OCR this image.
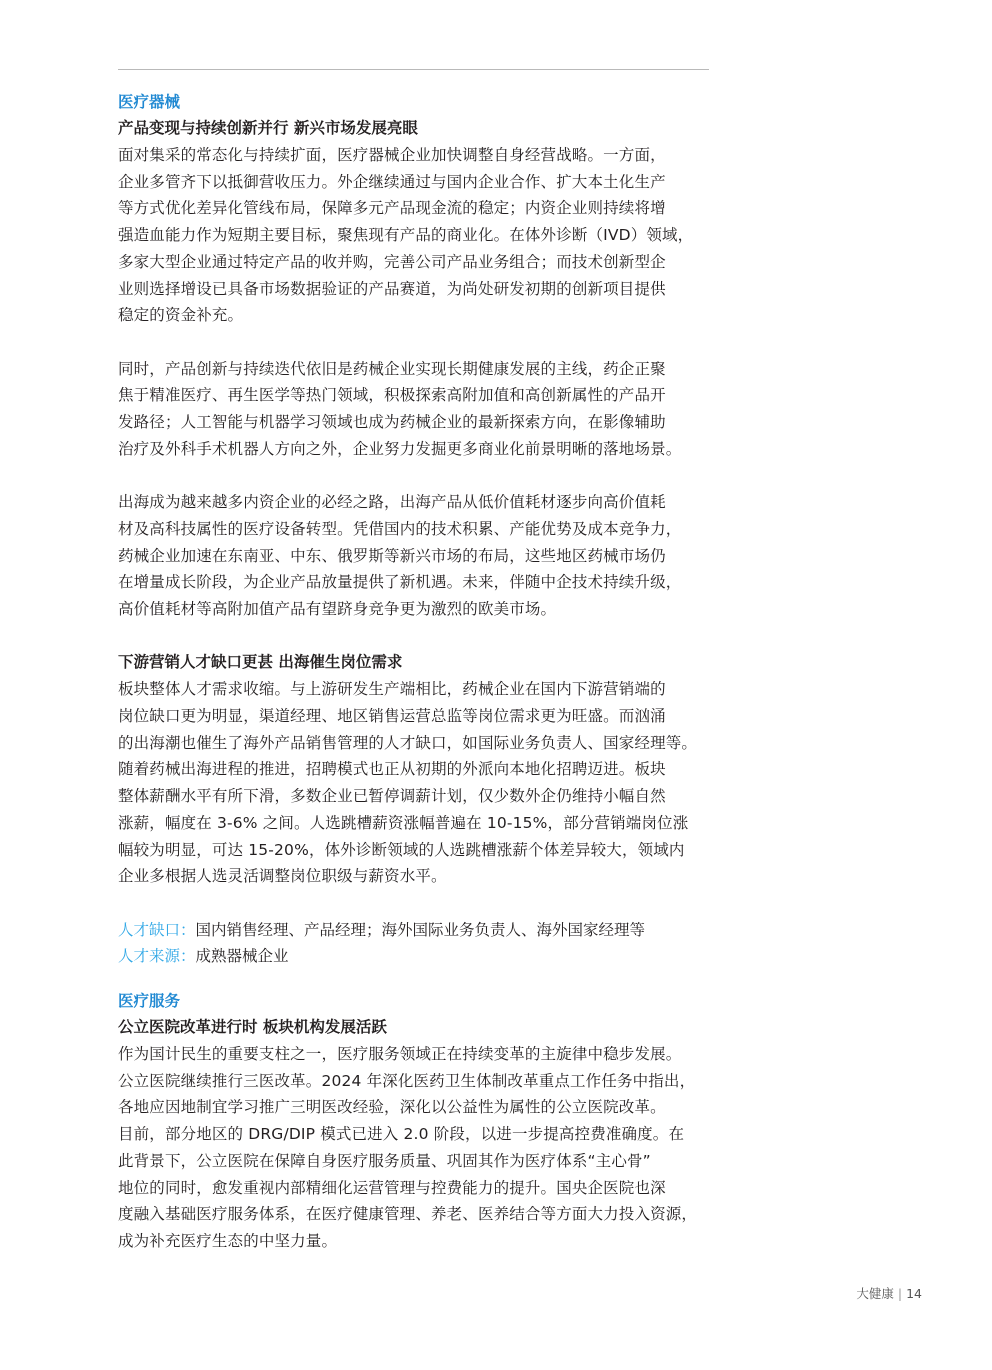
医疗器械
产品变现与持续创新并行 新兴市场发展亮眼

面对集采的常态化与持续扩面，医疗器械企业加快调整自身经营战略。一方面，
企业多管齐下以抵御营收压力。外企继续通过与国内企业合作、扩大本土化生产
等方式优化差异化管线布局，保障多元产品现金流的稳定；内资企业则持续将增
强造血能力作为短期主要目标，聚焦现有产品的商业化。在体外诊断（IVD）领域，
多家大型企业通过特定产品的收并购，完善公司产品业务组合；而技术创新型企
业则选择增设已具备市场数据验证的产品赛道，为尚处研发初期的创新项目提供
稳定的资金补充。

同时，产品创新与持续迭代依旧是药械企业实现长期健康发展的主线，药企正聚
焦于精准医疗、再生医学等热门领域，积极探索高附加值和高创新属性的产品开
发路径；人工智能与机器学习领域也成为药械企业的最新探索方向，在影像辅助
治疗及外科手术机器人方向之外，企业努力发掘更多商业化前景明晰的落地场景。

出海成为越来越多内资企业的必经之路，出海产品从低价值耗材逐步向高价值耗
材及高科技属性的医疗设备转型。凭借国内的技术积累、产能优势及成本竞争力，
药械企业加速在东南亚、中东、俄罗斯等新兴市场的布局，这些地区药械市场仍
在增量成长阶段，为企业产品放量提供了新机遇。未来，伴随中企技术持续升级，
高价值耗材等高附加值产品有望跻身竞争更为激烈的欧美市场。

下游营销人才缺口更甚 出海催生岗位需求

板块整体人才需求收缩。与上游研发生产端相比，药械企业在国内下游营销端的
岗位缺口更为明显，渠道经理、地区销售运营总监等岗位需求更为旺盛。而汹涌
的出海潮也催生了海外产品销售管理的人才缺口，如国际业务负责人、国家经理等。
随着药械出海进程的推进，招聘模式也正从初期的外派向本地化招聘迈进。板块
整体薪酬水平有所下滑，多数企业已暂停调薪计划，仅少数外企仍维持小幅自然
涨薪，幅度在 3-6% 之间。人选跳槽薪资涨幅普遍在 10-15%，部分营销端岗位涨
幅较为明显，可达 15-20%，体外诊断领域的人选跳槽涨薪个体差异较大，领域内
企业多根据人选灵活调整岗位职级与薪资水平。

人才缺口：国内销售经理、产品经理；海外国际业务负责人、海外国家经理等
人才来源：成熟器械企业
医疗服务
公立医院改革进行时 板块机构发展活跃

作为国计民生的重要支柱之一，医疗服务领域正在持续变革的主旋律中稳步发展。
公立医院继续推行三医改革。2024 年深化医药卫生体制改革重点工作任务中指出，
各地应因地制宜学习推广三明医改经验，深化以公益性为属性的公立医院改革。
目前，部分地区的 DRG/DIP 模式已进入 2.0 阶段，以进一步提高控费准确度。在
此背景下，公立医院在保障自身医疗服务质量、巩固其作为医疗体系“主心骨”
地位的同时，愈发重视内部精细化运营管理与控费能力的提升。国央企医院也深
度融入基础医疗服务体系，在医疗健康管理、养老、医养结合等方面大力投入资源，
成为补充医疗生态的中坚力量。

大健康 | 14
